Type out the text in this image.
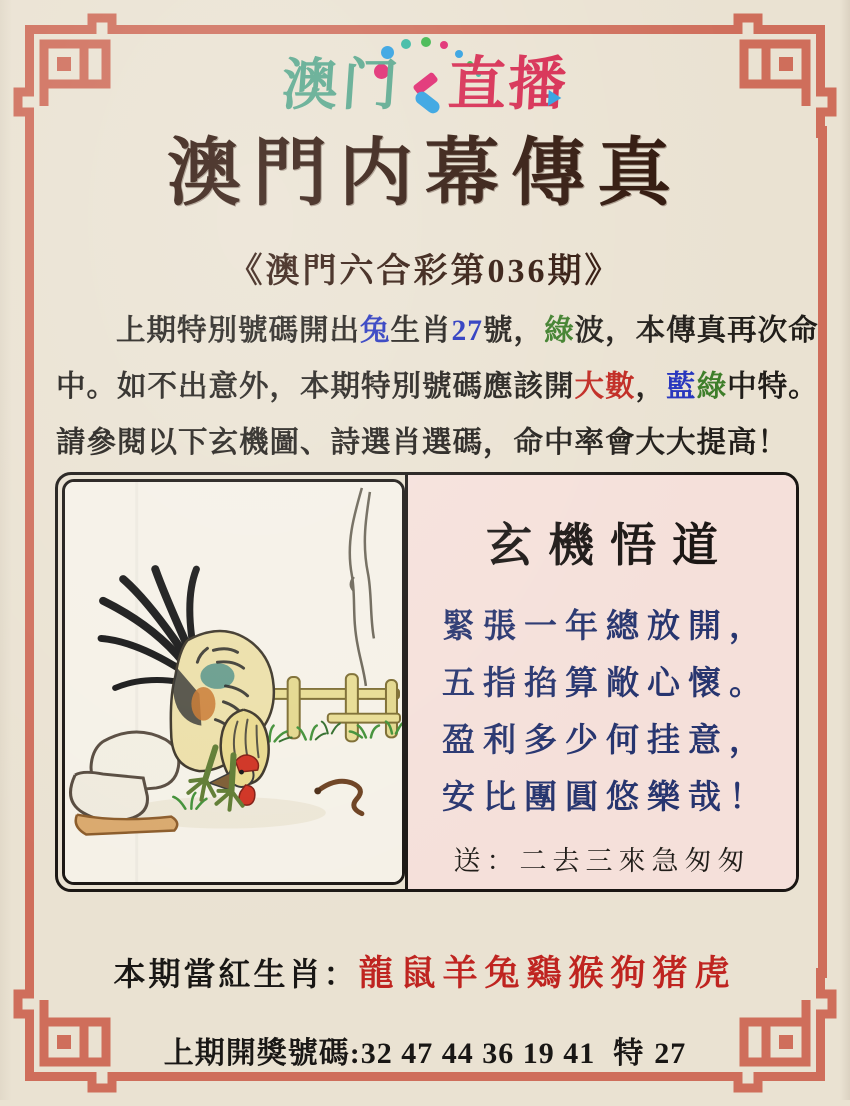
澳门 直播
澳門内幕傳真
《澳門六合彩第036期》
上期特別號碼開出兔生肖27號，綠波，本傳真再次命
中。如不出意外，本期特別號碼應該開大數，藍綠中特。
請參閱以下玄機圖、詩選肖選碼，命中率會大大提高！
玄機悟道
緊張一年總放開，
五指掐算敞心懷。
盈利多少何挂意，
安比團圓悠樂哉！
送：二去三來急匆匆
本期當紅生肖：龍鼠羊兔鷄猴狗猪虎
上期開獎號碼:32 47 44 36 19 41 特 27
